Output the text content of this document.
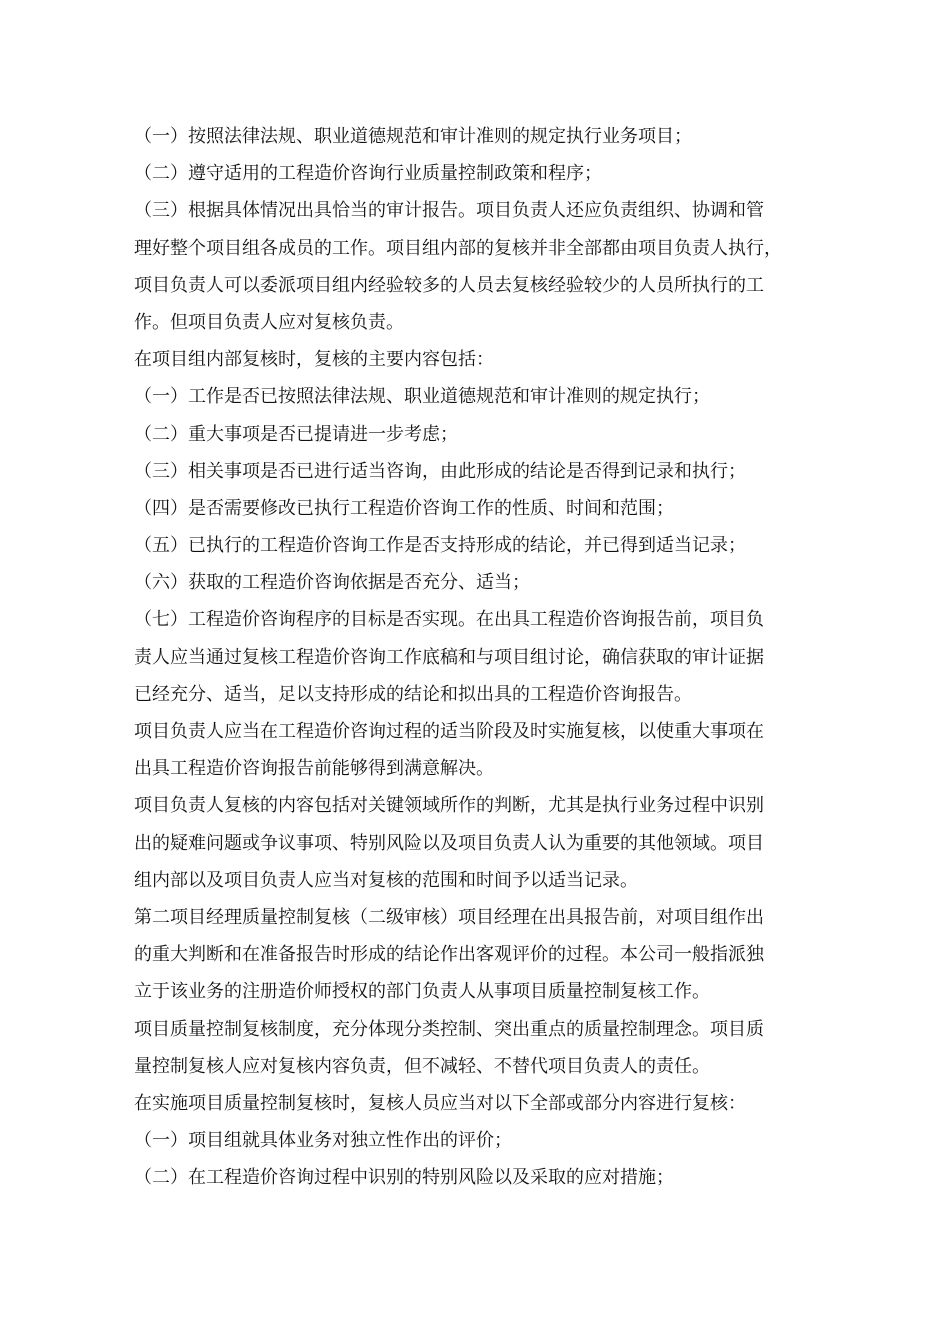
（一）按照法律法规、职业道德规范和审计准则的规定执行业务项目；
（二）遵守适用的工程造价咨询行业质量控制政策和程序；
（三）根据具体情况出具恰当的审计报告。项目负责人还应负责组织、协调和管
理好整个项目组各成员的工作。项目组内部的复核并非全部都由项目负责人执行，
项目负责人可以委派项目组内经验较多的人员去复核经验较少的人员所执行的工
作。但项目负责人应对复核负责。
在项目组内部复核时，复核的主要内容包括：
（一）工作是否已按照法律法规、职业道德规范和审计准则的规定执行；
（二）重大事项是否已提请进一步考虑；
（三）相关事项是否已进行适当咨询，由此形成的结论是否得到记录和执行；
（四）是否需要修改已执行工程造价咨询工作的性质、时间和范围；
（五）已执行的工程造价咨询工作是否支持形成的结论，并已得到适当记录；
（六）获取的工程造价咨询依据是否充分、适当；
（七）工程造价咨询程序的目标是否实现。在出具工程造价咨询报告前，项目负
责人应当通过复核工程造价咨询工作底稿和与项目组讨论，确信获取的审计证据
已经充分、适当，足以支持形成的结论和拟出具的工程造价咨询报告。
项目负责人应当在工程造价咨询过程的适当阶段及时实施复核，以使重大事项在
出具工程造价咨询报告前能够得到满意解决。
项目负责人复核的内容包括对关键领域所作的判断，尤其是执行业务过程中识别
出的疑难问题或争议事项、特别风险以及项目负责人认为重要的其他领域。项目
组内部以及项目负责人应当对复核的范围和时间予以适当记录。
第二项目经理质量控制复核（二级审核）项目经理在出具报告前，对项目组作出
的重大判断和在准备报告时形成的结论作出客观评价的过程。本公司一般指派独
立于该业务的注册造价师授权的部门负责人从事项目质量控制复核工作。
项目质量控制复核制度，充分体现分类控制、突出重点的质量控制理念。项目质
量控制复核人应对复核内容负责，但不减轻、不替代项目负责人的责任。
在实施项目质量控制复核时，复核人员应当对以下全部或部分内容进行复核：
（一）项目组就具体业务对独立性作出的评价；
（二）在工程造价咨询过程中识别的特别风险以及采取的应对措施；
